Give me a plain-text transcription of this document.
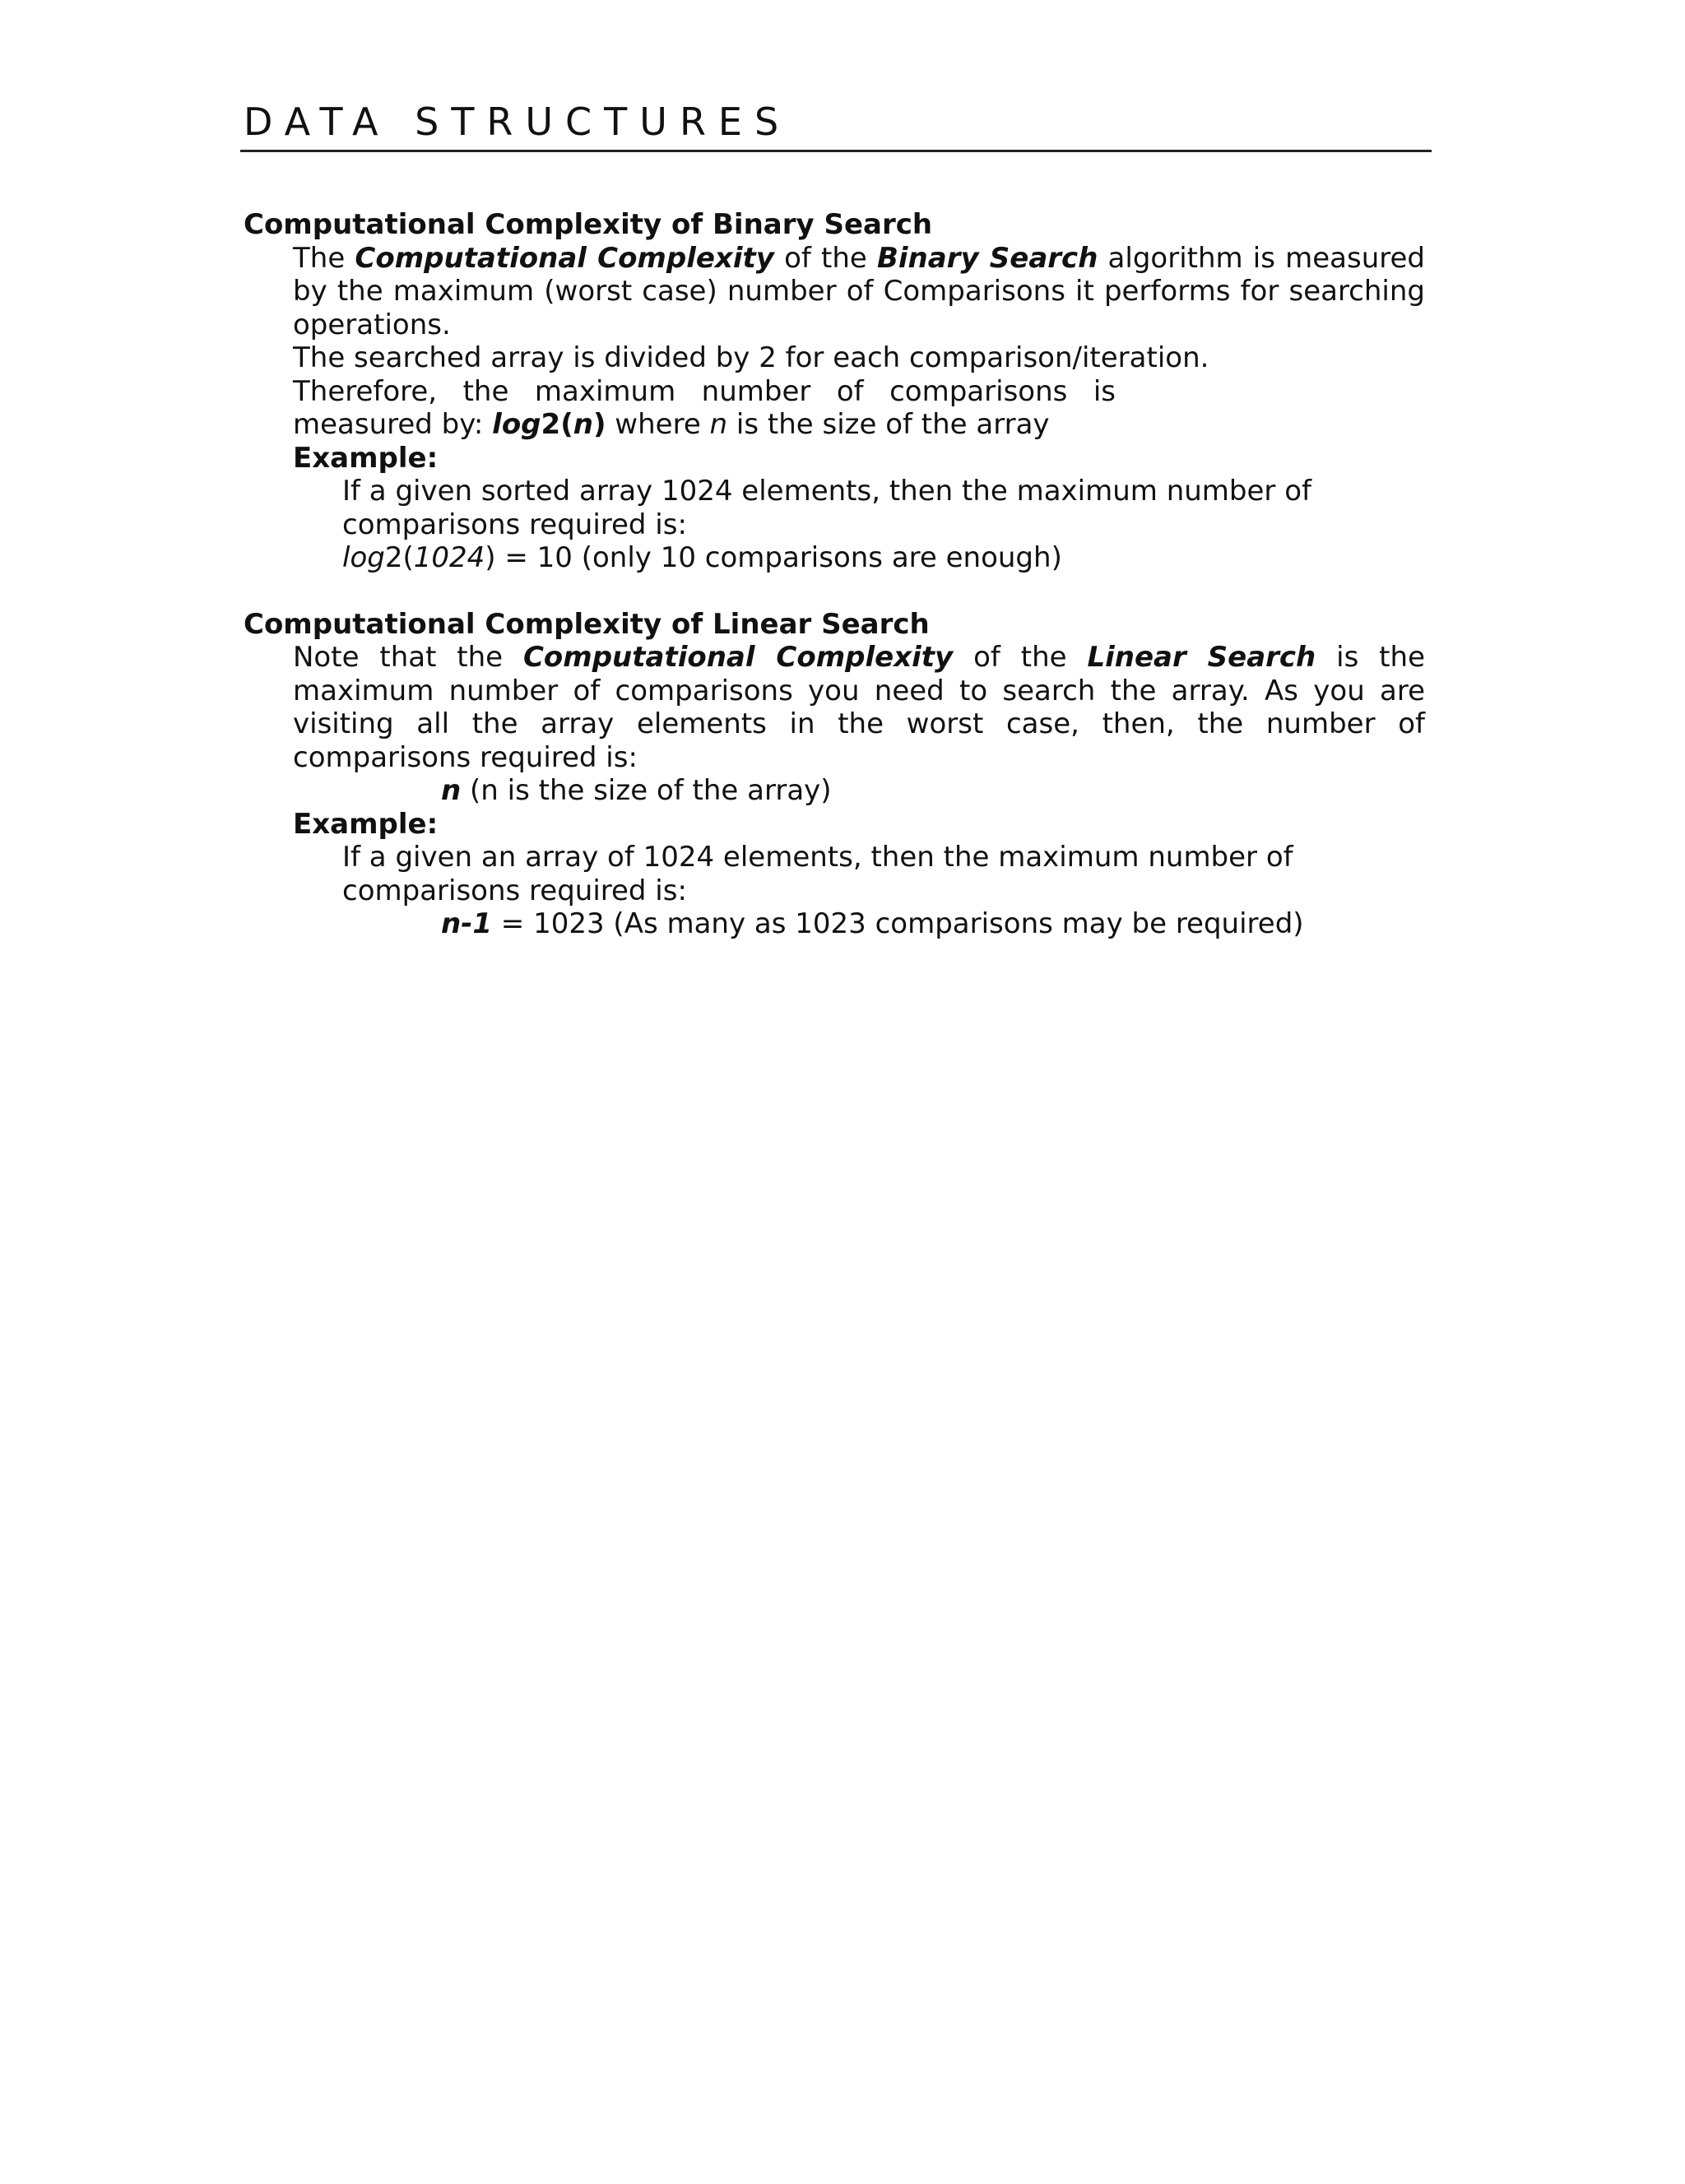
DATA STRUCTURES
Computational Complexity of Binary Search
The Computational Complexity of the Binary Search algorithm is measured by the maximum (worst case) number of Comparisons it performs for searching operations.
The searched array is divided by 2 for each comparison/iteration.
Therefore, the maximum number of comparisons is measured by: log2(n) where n is the size of the array
Example:
If a given sorted array 1024 elements, then the maximum number of
comparisons required is:
log2(1024) = 10 (only 10 comparisons are enough)
Computational Complexity of Linear Search
Note that the Computational Complexity of the Linear Search is the maximum number of comparisons you need to search the array. As you are visiting all the array elements in the worst case, then, the number of comparisons required is:
n (n is the size of the array)
Example:
If a given an array of 1024 elements, then the maximum number of
comparisons required is:
n-1 = 1023 (As many as 1023 comparisons may be required)
